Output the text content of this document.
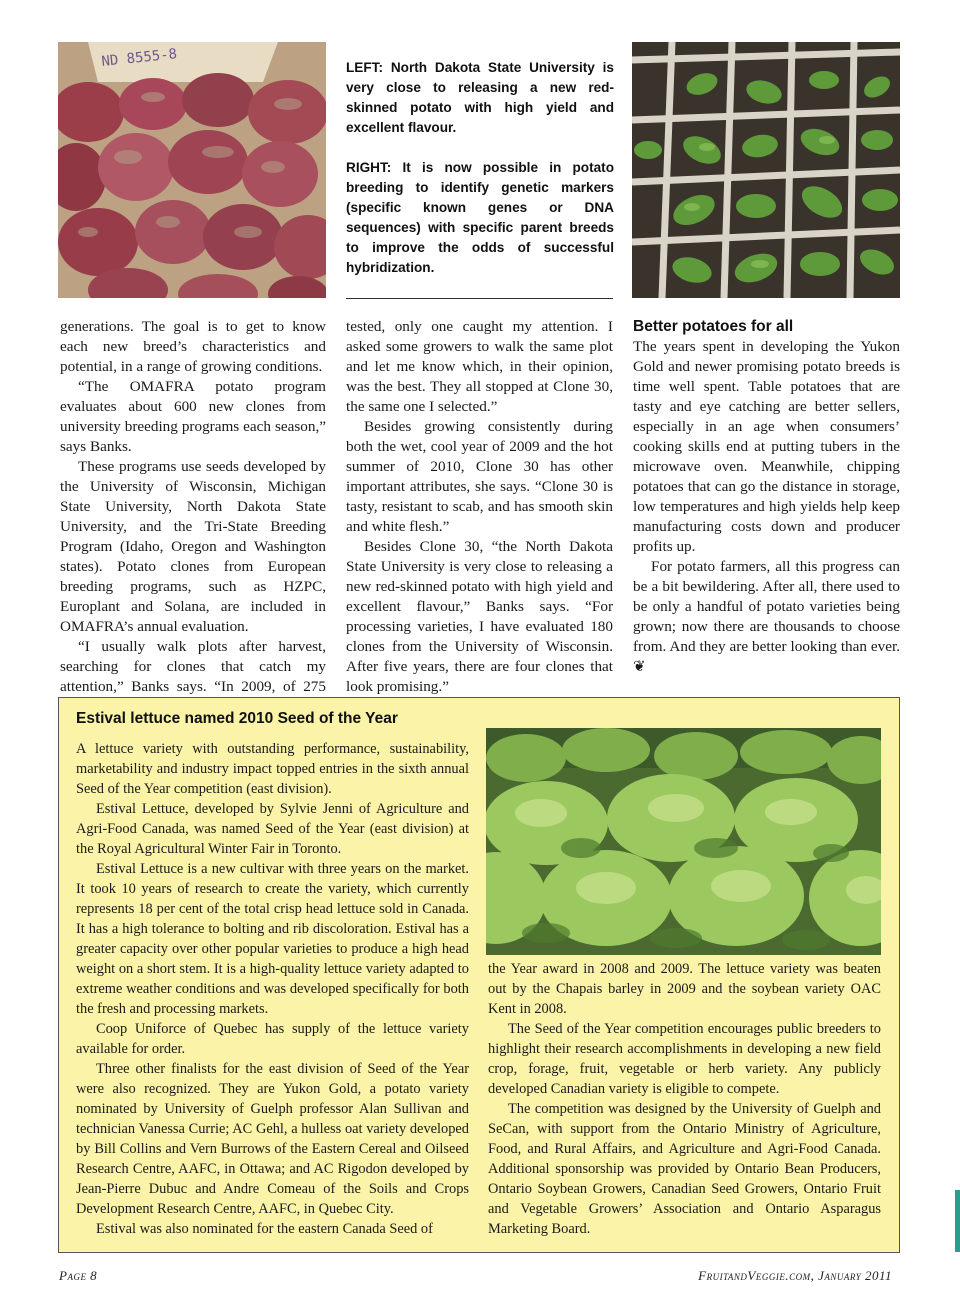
ND 8555-8	LEFT: North Dakota State University is very close to releasing a new red-skinned potato with high yield and excellent flavour.

RIGHT: It is now possible in potato breeding to identify genetic markers (specific known genes or DNA sequences) with specific parent breeds to improve the odds of successful hybridization.

generations. The goal is to get to know each new breed’s characteristics and potential, in a range of growing conditions.

“The OMAFRA potato program evaluates about 600 new clones from university breeding programs each season,” says Banks.

These programs use seeds developed by the University of Wisconsin, Michigan State University, North Dakota State University, and the Tri-State Breeding Program (Idaho, Oregon and Washington states). Potato clones from European breeding programs, such as HZPC, Europlant and Solana, are included in OMAFRA’s annual evaluation.

“I usually walk plots after harvest, searching for clones that catch my attention,” Banks says. “In 2009, of 275

tested, only one caught my attention. I asked some growers to walk the same plot and let me know which, in their opinion, was the best. They all stopped at Clone 30, the same one I selected.”

Besides growing consistently during both the wet, cool year of 2009 and the hot summer of 2010, Clone 30 has other important attributes, she says. “Clone 30 is tasty, resistant to scab, and has smooth skin and white flesh.”

Besides Clone 30, “the North Dakota State University is very close to releasing a new red-skinned potato with high yield and excellent flavour,” Banks says. “For processing varieties, I have evaluated 180 clones from the University of Wisconsin. After five years, there are four clones that look promising.”

Better potatoes for all

The years spent in developing the Yukon Gold and newer promising potato breeds is time well spent. Table potatoes that are tasty and eye catching are better sellers, especially in an age when consumers’ cooking skills end at putting tubers in the microwave oven. Meanwhile, chipping potatoes that can go the distance in storage, low temperatures and high yields help keep manufacturing costs down and producer profits up.

For potato farmers, all this progress can be a bit bewildering. After all, there used to be only a handful of potato varieties being grown; now there are thousands to choose from. And they are better looking than ever. ❦

Estival lettuce named 2010 Seed of the Year

A lettuce variety with outstanding performance, sustainability, marketability and industry impact topped entries in the sixth annual Seed of the Year competition (east division).

Estival Lettuce, developed by Sylvie Jenni of Agriculture and Agri-Food Canada, was named Seed of the Year (east division) at the Royal Agricultural Winter Fair in Toronto.

Estival Lettuce is a new cultivar with three years on the market. It took 10 years of research to create the variety, which currently represents 18 per cent of the total crisp head lettuce sold in Canada. It has a high tolerance to bolting and rib discoloration. Estival has a greater capacity over other popular varieties to produce a high head weight on a short stem. It is a high-quality lettuce variety adapted to extreme weather conditions and was developed specifically for both the fresh and processing markets.

Coop Uniforce of Quebec has supply of the lettuce variety available for order.

Three other finalists for the east division of Seed of the Year were also recognized. They are Yukon Gold, a potato variety nominated by University of Guelph professor Alan Sullivan and technician Vanessa Currie; AC Gehl, a hulless oat variety developed by Bill Collins and Vern Burrows of the Eastern Cereal and Oilseed Research Centre, AAFC, in Ottawa; and AC Rigodon developed by Jean-Pierre Dubuc and Andre Comeau of the Soils and Crops Development Research Centre, AAFC, in Quebec City.

Estival was also nominated for the eastern Canada Seed of

the Year award in 2008 and 2009. The lettuce variety was beaten out by the Chapais barley in 2009 and the soybean variety OAC Kent in 2008.

The Seed of the Year competition encourages public breeders to highlight their research accomplishments in developing a new field crop, forage, fruit, vegetable or herb variety. Any publicly developed Canadian variety is eligible to compete.

The competition was designed by the University of Guelph and SeCan, with support from the Ontario Ministry of Agriculture, Food, and Rural Affairs, and Agriculture and Agri-Food Canada. Additional sponsorship was provided by Ontario Bean Producers, Ontario Soybean Growers, Canadian Seed Growers, Ontario Fruit and Vegetable Growers’ Association and Ontario Asparagus Marketing Board.

Page 8	FruitandVeggie.com, January 2011
